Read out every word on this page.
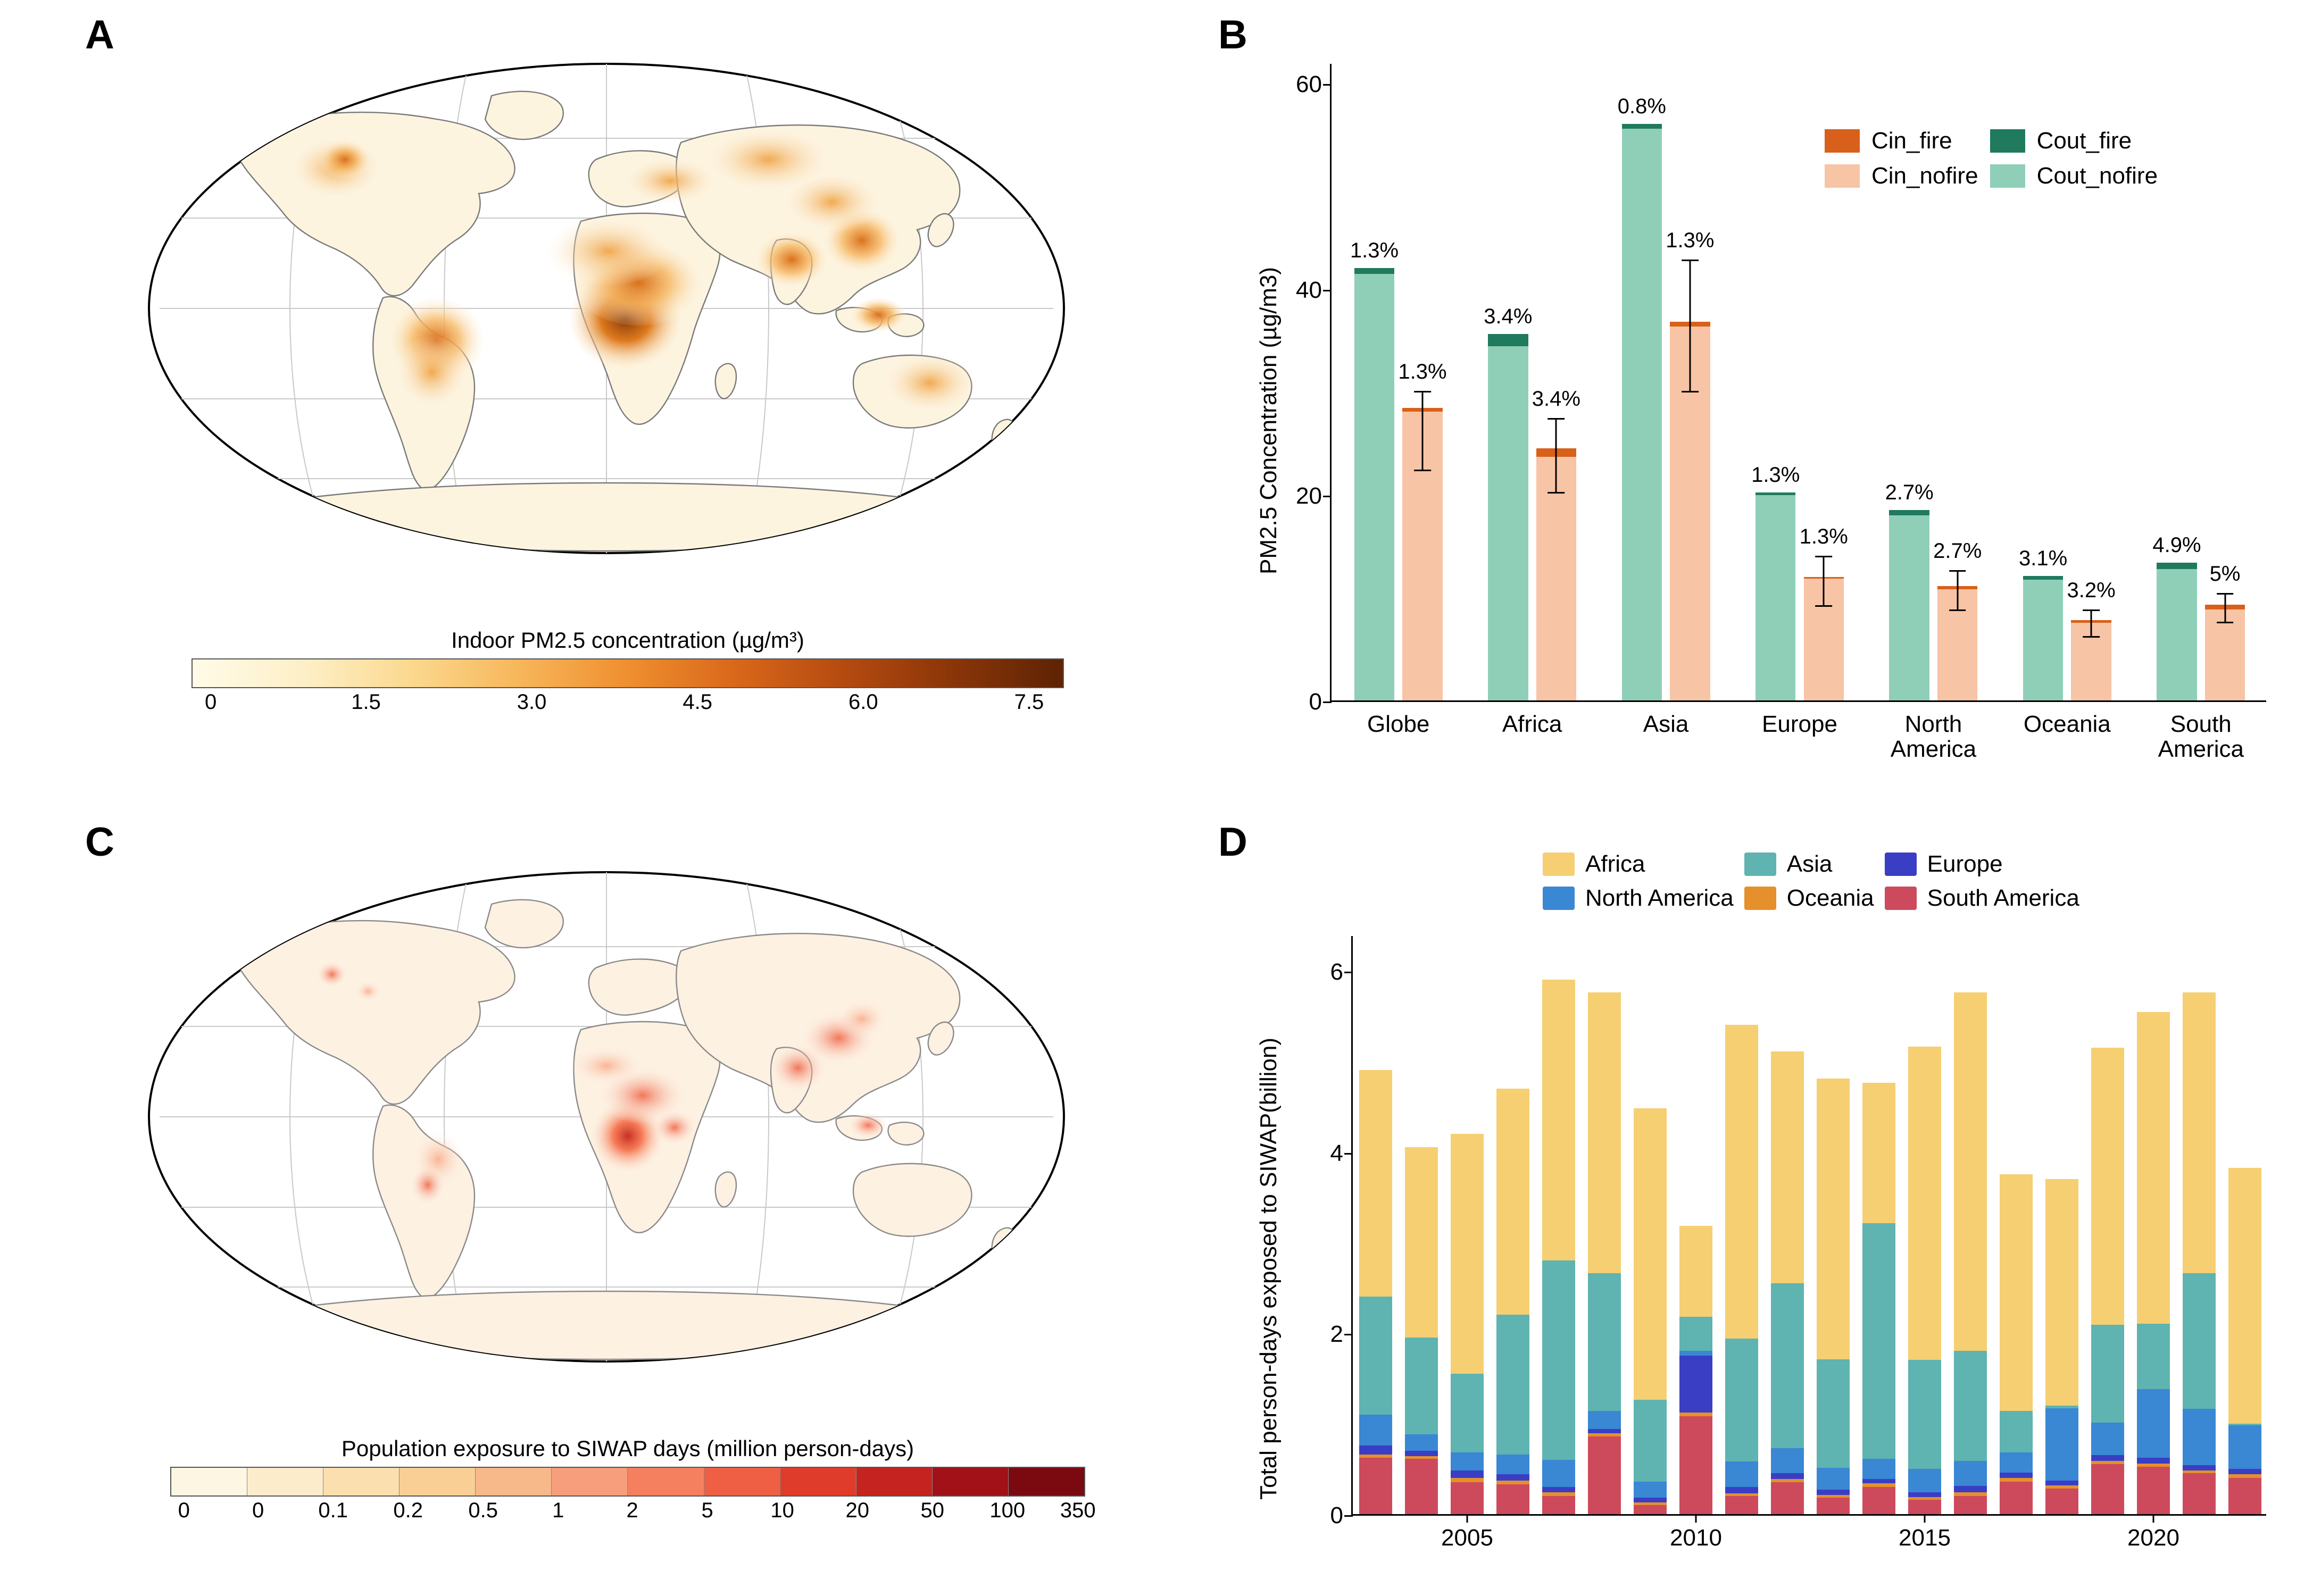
A
Indoor PM2.5 concentration (µg/m³)
0	1.5	3.0	4.5	6.0	7.5
C
Population exposure to SIWAP days (million person-days)
0	0	0.1 0.2 0.5	1	2	5	10 20 50 100 350
B
PM2.5 Concentration (µg/m3)
0
20
40
60
1.3%
1.3%
Globe
3.4%
3.4%
Africa
0.8%
1.3%
Asia
1.3%
1.3%
Europe
2.7%
2.7%
North
America
3.1%
3.2%
Oceania
4.9%
5%
South
America
Cin_fire	Cout_fire
Cin_nofire	Cout_nofire
D
Total person-days exposed to SIWAP(billion)
0
2
4
6
2005	2010	2015	2020
Africa	Asia	Europe
North America Oceania South America
